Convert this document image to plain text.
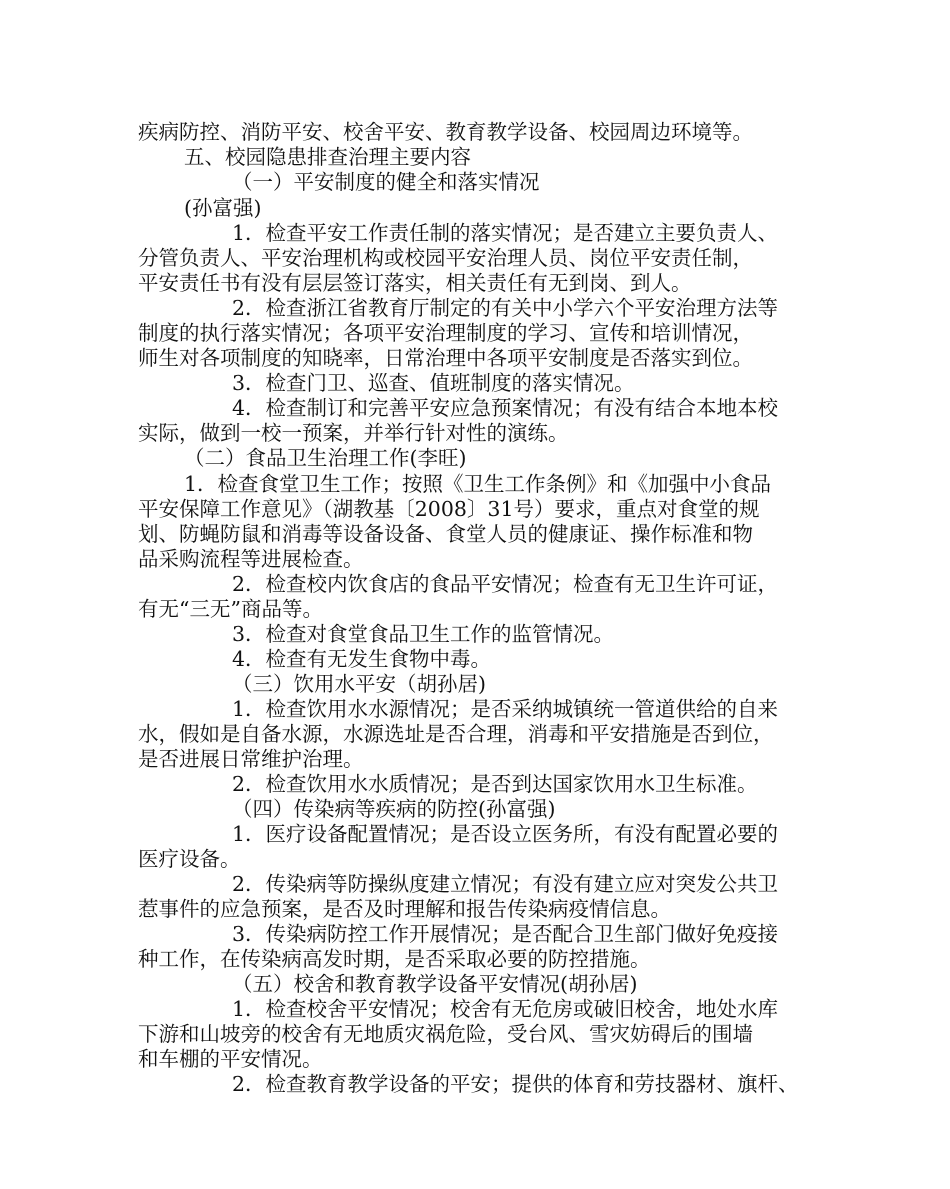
疾病防控、消防平安、校舍平安、教育教学设备、校园周边环境等。
五、校园隐患排查治理主要内容
（一）平安制度的健全和落实情况
(孙富强)
1．检查平安工作责任制的落实情况；是否建立主要负责人、
分管负责人、平安治理机构或校园平安治理人员、岗位平安责任制，
平安责任书有没有层层签订落实，相关责任有无到岗、到人。
2．检查浙江省教育厅制定的有关中小学六个平安治理方法等
制度的执行落实情况；各项平安治理制度的学习、宣传和培训情况，
师生对各项制度的知晓率，日常治理中各项平安制度是否落实到位。
3．检查门卫、巡查、值班制度的落实情况。
4．检查制订和完善平安应急预案情况；有没有结合本地本校
实际，做到一校一预案，并举行针对性的演练。
（二）食品卫生治理工作(李旺)
1．检查食堂卫生工作；按照《卫生工作条例》和《加强中小食品
平安保障工作意见》（湖教基〔2008〕31号）要求，重点对食堂的规
划、防蝇防鼠和消毒等设备设备、食堂人员的健康证、操作标准和物
品采购流程等进展检查。
2．检查校内饮食店的食品平安情况；检查有无卫生许可证，
有无“三无”商品等。
3．检查对食堂食品卫生工作的监管情况。
4．检查有无发生食物中毒。
（三）饮用水平安（胡孙居)
1．检查饮用水水源情况；是否采纳城镇统一管道供给的自来
水，假如是自备水源，水源选址是否合理，消毒和平安措施是否到位，
是否进展日常维护治理。
2．检查饮用水水质情况；是否到达国家饮用水卫生标准。
（四）传染病等疾病的防控(孙富强)
1．医疗设备配置情况；是否设立医务所，有没有配置必要的
医疗设备。
2．传染病等防操纵度建立情况；有没有建立应对突发公共卫
惹事件的应急预案，是否及时理解和报告传染病疫情信息。
3．传染病防控工作开展情况；是否配合卫生部门做好免疫接
种工作，在传染病高发时期，是否采取必要的防控措施。
（五）校舍和教育教学设备平安情况(胡孙居)
1．检查校舍平安情况；校舍有无危房或破旧校舍，地处水库
下游和山坡旁的校舍有无地质灾祸危险，受台风、雪灾妨碍后的围墙
和车棚的平安情况。
2．检查教育教学设备的平安；提供的体育和劳技器材、旗杆、
